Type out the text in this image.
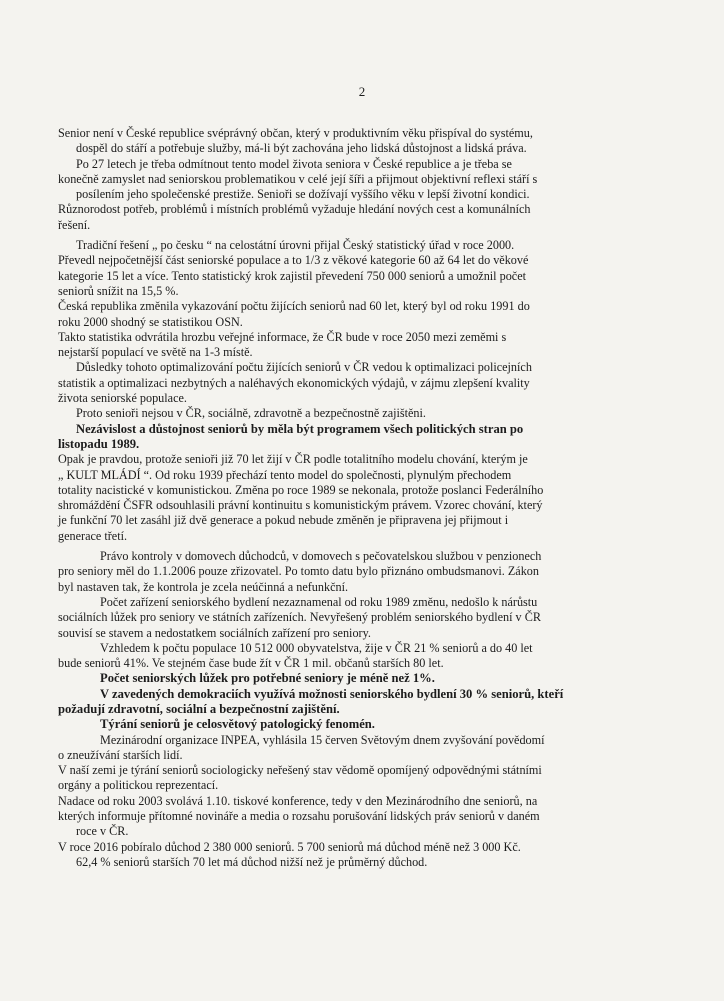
2
Senior není v České republice svéprávný občan, který v produktivním věku přispíval do systému,
dospěl do stáří a potřebuje služby, má-li být zachována jeho lidská důstojnost a lidská práva.
Po 27 letech je třeba odmítnout tento model života seniora v České republice a je třeba se
konečně zamyslet nad seniorskou problematikou v celé její šíři a přijmout objektivní reflexi stáří s
posílením jeho společenské prestiže. Senioři se dožívají vyššího věku v lepší životní kondici.
Různorodost potřeb, problémů i místních problémů vyžaduje hledání nových cest a komunálních
řešení.
Tradiční řešení „ po česku “ na celostátní úrovni přijal Český statistický úřad v roce 2000.
Převedl nejpočetnější část seniorské populace a to 1/3 z věkové kategorie 60 až 64 let do věkové
kategorie 15 let a více. Tento statistický krok zajistil převedení 750 000 seniorů a umožnil počet
seniorů snížit na 15,5 %.
Česká republika změnila vykazování počtu žijících seniorů nad 60 let, který byl od roku 1991 do
roku 2000 shodný se statistikou OSN.
Takto statistika odvrátila hrozbu veřejné informace, že ČR bude v roce 2050 mezi zeměmi s
nejstarší populací ve světě na 1-3 místě.
Důsledky tohoto optimalizování počtu žijících seniorů v ČR vedou k optimalizaci policejních
statistik a optimalizaci nezbytných a naléhavých ekonomických výdajů, v zájmu zlepšení kvality
života seniorské populace.
Proto senioři nejsou v ČR, sociálně, zdravotně a bezpečnostně zajištěni.
Nezávislost a důstojnost seniorů by měla být programem všech politických stran po
listopadu 1989.
Opak je pravdou, protože senioři již 70 let žijí v ČR podle totalitního modelu chování, kterým je
„ KULT MLÁDÍ “. Od roku 1939 přechází tento model do společnosti, plynulým přechodem
totality nacistické v komunistickou. Změna po roce 1989 se nekonala, protože poslanci Federálního
shromáždění ČSFR odsouhlasili právní kontinuitu s komunistickým právem. Vzorec chování, který
je funkční 70 let zasáhl již dvě generace a pokud nebude změněn je připravena jej přijmout i
generace třetí.
Právo kontroly v domovech důchodců, v domovech s pečovatelskou službou v penzionech
pro seniory měl do 1.1.2006 pouze zřizovatel. Po tomto datu bylo přiznáno ombudsmanovi. Zákon
byl nastaven tak, že kontrola je zcela neúčinná a nefunkční.
Počet zařízení seniorského bydlení nezaznamenal od roku 1989 změnu, nedošlo k nárůstu
sociálních lůžek pro seniory ve státních zařízeních. Nevyřešený problém seniorského bydlení v ČR
souvisí se stavem a nedostatkem sociálních zařízení pro seniory.
Vzhledem k počtu populace 10 512 000 obyvatelstva, žije v ČR 21 % seniorů a do 40 let
bude seniorů 41%. Ve stejném čase bude žít v ČR 1 mil. občanů starších 80 let.
Počet seniorských lůžek pro potřebné seniory je méně než 1%.
V zavedených demokraciích využívá možnosti seniorského bydlení 30 % seniorů, kteří
požadují zdravotní, sociální a bezpečnostní zajištění.
Týrání seniorů je celosvětový patologický fenomén.
Mezinárodní organizace INPEA, vyhlásila 15 červen Světovým dnem zvyšování povědomí
o zneužívání starších lidí.
V naší zemi je týrání seniorů sociologicky neřešený stav vědomě opomíjený odpovědnými státními
orgány a politickou reprezentací.
Nadace od roku 2003 svolává 1.10. tiskové konference, tedy v den Mezinárodního dne seniorů, na
kterých informuje přítomné novináře a media o rozsahu porušování lidských práv seniorů v daném
roce v ČR.
V roce 2016 pobíralo důchod 2 380 000 seniorů. 5 700 seniorů má důchod méně než 3 000 Kč.
62,4 % seniorů starších 70 let má důchod nižší než je průměrný důchod.
